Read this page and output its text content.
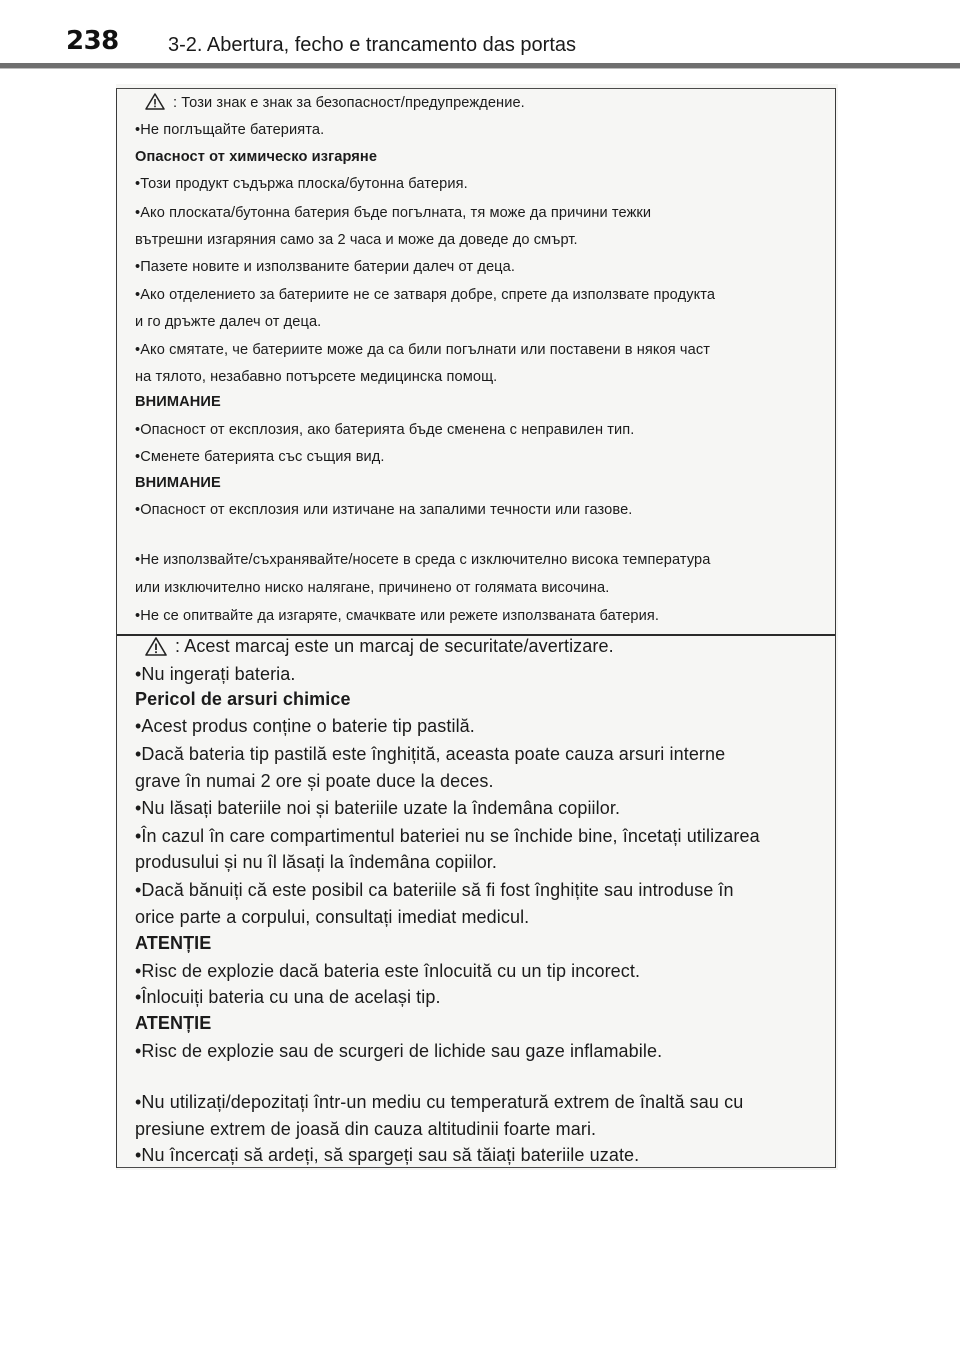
238 3-2. Abertura, fecho e trancamento das portas
: Този знак е знак за безопасност/предупреждение.
•Не поглъщайте батерията.
Опасност от химическо изгаряне
•Този продукт съдържа плоска/бутонна батерия.
•Ако плоската/бутонна батерия бъде погълната, тя може да причини тежки
вътрешни изгаряния само за 2 часа и може да доведе до смърт.
•Пазете новите и използваните батерии далеч от деца.
•Ако отделението за батериите не се затваря добре, спрете да използвате продукта
и го дръжте далеч от деца.
•Ако смятате, че батериите може да са били погълнати или поставени в някоя част
на тялото, незабавно потърсете медицинска помощ.
ВНИМАНИЕ
•Опасност от експлозия, ако батерията бъде сменена с неправилен тип.
•Сменете батерията със същия вид.
ВНИМАНИЕ
•Опасност от експлозия или изтичане на запалими течности или газове.
•Не използвайте/съхранявайте/носете в среда с изключително висока температура
или изключително ниско налягане, причинено от голямата височина.
•Не се опитвайте да изгаряте, смачквате или режете използваната батерия.
: Acest marcaj este un marcaj de securitate/avertizare.
•Nu ingerați bateria.
Pericol de arsuri chimice
•Acest produs conține o baterie tip pastilă.
•Dacă bateria tip pastilă este înghițită, aceasta poate cauza arsuri interne
grave în numai 2 ore și poate duce la deces.
•Nu lăsați bateriile noi și bateriile uzate la îndemâna copiilor.
•În cazul în care compartimentul bateriei nu se închide bine, încetați utilizarea
produsului și nu îl lăsați la îndemâna copiilor.
•Dacă bănuiți că este posibil ca bateriile să fi fost înghițite sau introduse în
orice parte a corpului, consultați imediat medicul.
ATENȚIE
•Risc de explozie dacă bateria este înlocuită cu un tip incorect.
•Înlocuiți bateria cu una de același tip.
ATENȚIE
•Risc de explozie sau de scurgeri de lichide sau gaze inflamabile.
•Nu utilizați/depozitați într-un mediu cu temperatură extrem de înaltă sau cu
presiune extrem de joasă din cauza altitudinii foarte mari.
•Nu încercați să ardeți, să spargeți sau să tăiați bateriile uzate.
